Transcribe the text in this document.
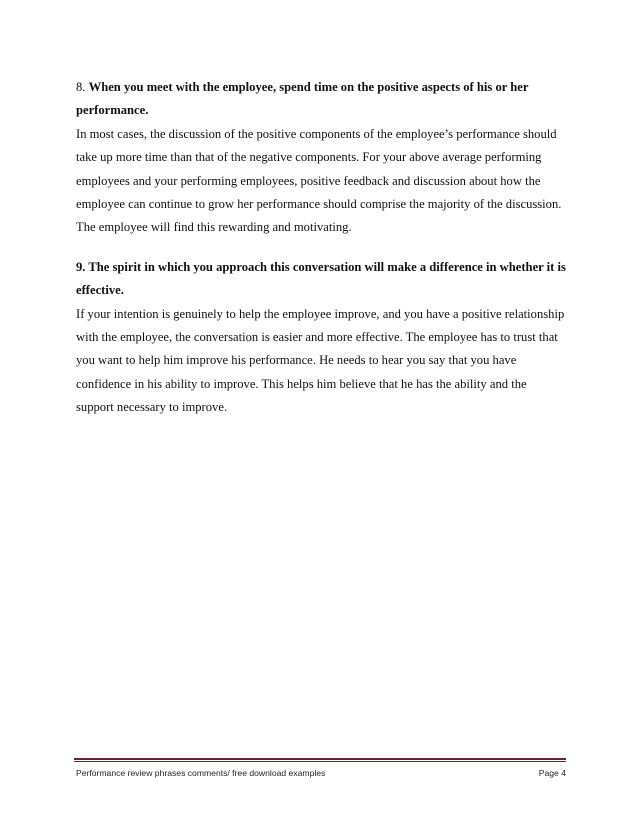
8. When you meet with the employee, spend time on the positive aspects of his or her

performance.

In most cases, the discussion of the positive components of the employee’s performance should

take up more time than that of the negative components. For your above average performing

employees and your performing employees, positive feedback and discussion about how the

employee can continue to grow her performance should comprise the majority of the discussion.

The employee will find this rewarding and motivating.

9. The spirit in which you approach this conversation will make a difference in whether it is

effective.

If your intention is genuinely to help the employee improve, and you have a positive relationship

with the employee, the conversation is easier and more effective. The employee has to trust that

you want to help him improve his performance. He needs to hear you say that you have

confidence in his ability to improve. This helps him believe that he has the ability and the

support necessary to improve.

Performance review phrases comments/ free download examples	Page 4
